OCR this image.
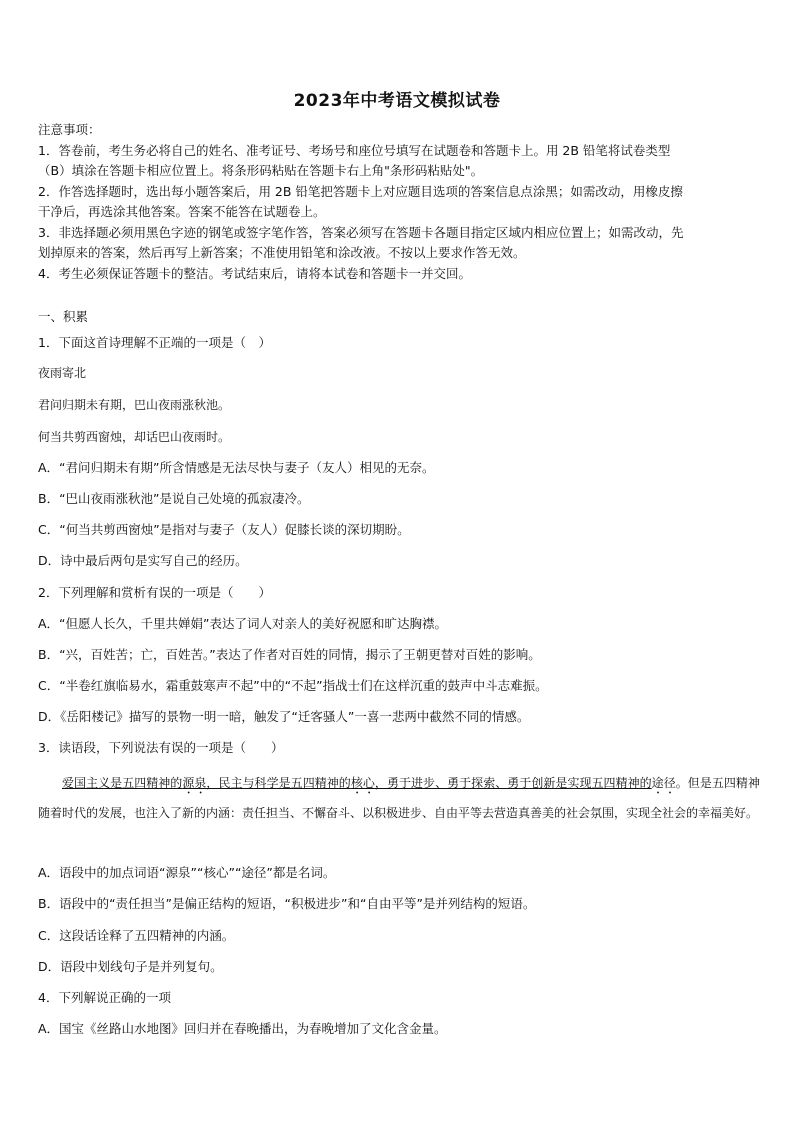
2023年中考语文模拟试卷

注意事项：

1．答卷前，考生务必将自己的姓名、准考证号、考场号和座位号填写在试题卷和答题卡上。用 2B 铅笔将试卷类型

（B）填涂在答题卡相应位置上。将条形码粘贴在答题卡右上角"条形码粘贴处"。

2．作答选择题时，选出每小题答案后，用 2B 铅笔把答题卡上对应题目选项的答案信息点涂黑；如需改动，用橡皮擦

干净后，再选涂其他答案。答案不能答在试题卷上。

3．非选择题必须用黑色字迹的钢笔或签字笔作答，答案必须写在答题卡各题目指定区域内相应位置上；如需改动，先

划掉原来的答案，然后再写上新答案；不准使用铅笔和涂改液。不按以上要求作答无效。

4．考生必须保证答题卡的整洁。考试结束后，请将本试卷和答题卡一并交回。

一、积累
1．下面这首诗理解不正端的一项是（　）
夜雨寄北
君问归期未有期，巴山夜雨涨秋池。
何当共剪西窗烛，却话巴山夜雨时。
A．“君问归期未有期”所含情感是无法尽快与妻子（友人）相见的无奈。
B．“巴山夜雨涨秋池”是说自己处境的孤寂凄冷。
C．“何当共剪西窗烛”是指对与妻子（友人）促膝长谈的深切期盼。
D．诗中最后两句是实写自己的经历。
2．下列理解和赏析有误的一项是（　　）
A．“但愿人长久，千里共婵娟”表达了词人对亲人的美好祝愿和旷达胸襟。
B．“兴，百姓苦；亡，百姓苦。”表达了作者对百姓的同情，揭示了王朝更替对百姓的影响。
C．“半卷红旗临易水，霜重鼓寒声不起”中的“不起”指战士们在这样沉重的鼓声中斗志难振。
D．《岳阳楼记》描写的景物一明一暗，触发了“迁客骚人”一喜一悲两中截然不同的情感。
3．读语段，下列说法有误的一项是（　　）
爱国主义是五四精神的源泉，民主与科学是五四精神的核心，勇于进步、勇于探索、勇于创新是实现五四精神的途径。但是五四精神随着时代的发展，也注入了新的内涵：责任担当、不懈奋斗、以积极进步、自由平等去营造真善美的社会氛围，实现全社会的幸福美好。
A．语段中的加点词语“源泉”“核心”“途径”都是名词。
B．语段中的“责任担当”是偏正结构的短语，“积极进步”和“自由平等”是并列结构的短语。
C．这段话诠释了五四精神的内涵。
D．语段中划线句子是并列复句。
4．下列解说正确的一项
A．国宝《丝路山水地图》回归并在春晚播出，为春晚增加了文化含金量。
